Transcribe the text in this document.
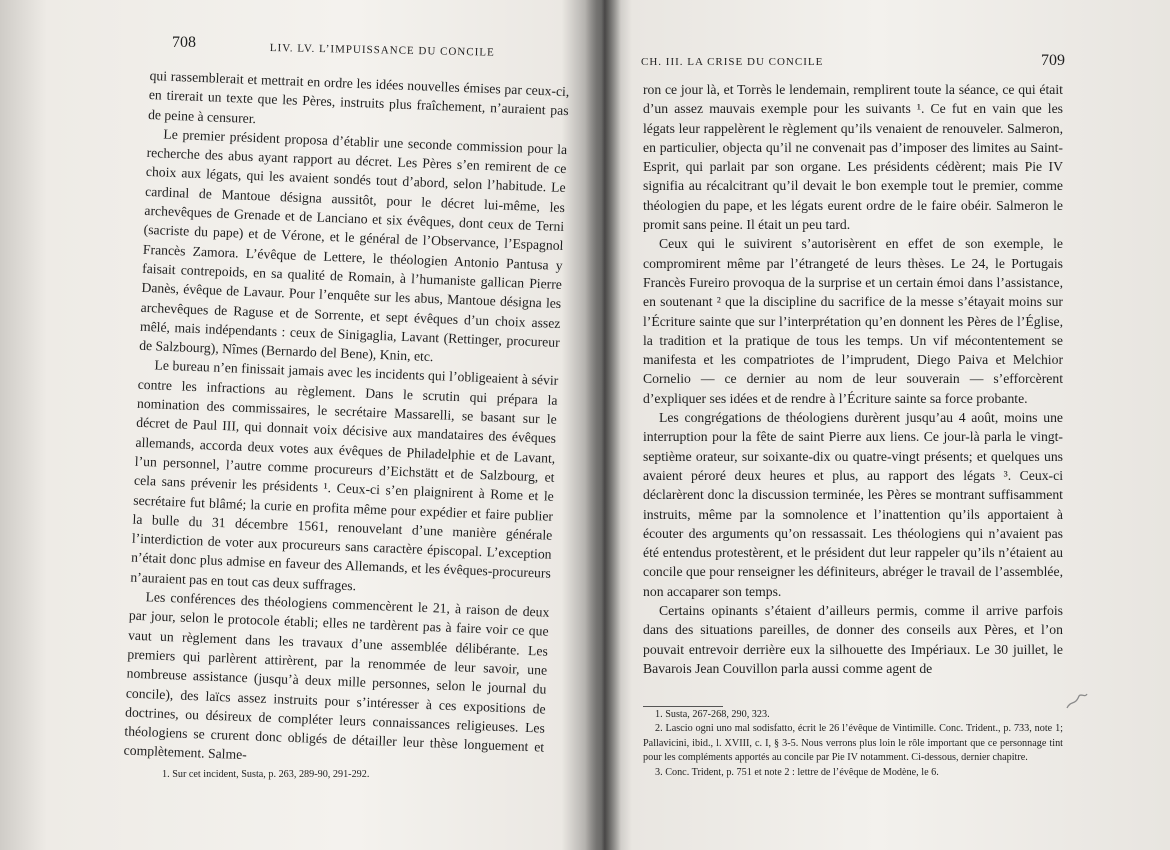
708	LIV. LV. L’IMPUISSANCE DU CONCILE

qui rassemblerait et mettrait en ordre les idées nouvelles émises par ceux-ci, en tirerait un texte que les Pères, instruits plus fraîchement, n’auraient pas de peine à censurer.

Le premier président proposa d’établir une seconde commission pour la recherche des abus ayant rapport au décret. Les Pères s’en remirent de ce choix aux légats, qui les avaient sondés tout d’abord, selon l’habitude. Le cardinal de Mantoue désigna aussitôt, pour le décret lui-même, les archevêques de Grenade et de Lanciano et six évêques, dont ceux de Terni (sacriste du pape) et de Vérone, et le général de l’Observance, l’Espagnol Francès Zamora. L’évêque de Lettere, le théologien Antonio Pantusa y faisait contrepoids, en sa qualité de Romain, à l’humaniste gallican Pierre Danès, évêque de Lavaur. Pour l’enquête sur les abus, Mantoue désigna les archevêques de Raguse et de Sorrente, et sept évêques d’un choix assez mêlé, mais indépendants : ceux de Sinigaglia, Lavant (Rettinger, procureur de Salzbourg), Nîmes (Bernardo del Bene), Knin, etc.

Le bureau n’en finissait jamais avec les incidents qui l’obligeaient à sévir contre les infractions au règlement. Dans le scrutin qui prépara la nomination des commissaires, le secrétaire Massarelli, se basant sur le décret de Paul III, qui donnait voix décisive aux mandataires des évêques allemands, accorda deux votes aux évêques de Philadelphie et de Lavant, l’un personnel, l’autre comme procureurs d’Eichstätt et de Salzbourg, et cela sans prévenir les présidents ¹. Ceux-ci s’en plaignirent à Rome et le secrétaire fut blâmé; la curie en profita même pour expédier et faire publier la bulle du 31 décembre 1561, renouvelant d’une manière générale l’interdiction de voter aux procureurs sans caractère épiscopal. L’exception n’était donc plus admise en faveur des Allemands, et les évêques-procureurs n’auraient pas en tout cas deux suffrages.

Les conférences des théologiens commencèrent le 21, à raison de deux par jour, selon le protocole établi; elles ne tardèrent pas à faire voir ce que vaut un règlement dans les travaux d’une assemblée délibérante. Les premiers qui parlèrent attirèrent, par la renommée de leur savoir, une nombreuse assistance (jusqu’à deux mille personnes, selon le journal du concile), des laïcs assez instruits pour s’intéresser à ces expositions de doctrines, ou désireux de compléter leurs connaissances religieuses. Les théologiens se crurent donc obligés de détailler leur thèse longuement et complètement. Salme-

1. Sur cet incident, Susta, p. 263, 289-90, 291-292.

CH. III. LA CRISE DU CONCILE	709

ron ce jour là, et Torrès le lendemain, remplirent toute la séance, ce qui était d’un assez mauvais exemple pour les suivants ¹. Ce fut en vain que les légats leur rappelèrent le règlement qu’ils venaient de renouveler. Salmeron, en particulier, objecta qu’il ne convenait pas d’imposer des limites au Saint-Esprit, qui parlait par son organe. Les présidents cédèrent; mais Pie IV signifia au récalcitrant qu’il devait le bon exemple tout le premier, comme théologien du pape, et les légats eurent ordre de le faire obéir. Salmeron le promit sans peine. Il était un peu tard.

Ceux qui le suivirent s’autorisèrent en effet de son exemple, le compromirent même par l’étrangeté de leurs thèses. Le 24, le Portugais Francès Fureiro provoqua de la surprise et un certain émoi dans l’assistance, en soutenant ² que la discipline du sacrifice de la messe s’étayait moins sur l’Écriture sainte que sur l’interprétation qu’en donnent les Pères de l’Église, la tradition et la pratique de tous les temps. Un vif mécontentement se manifesta et les compatriotes de l’imprudent, Diego Paiva et Melchior Cornelio — ce dernier au nom de leur souverain — s’efforcèrent d’expliquer ses idées et de rendre à l’Écriture sainte sa force probante.

Les congrégations de théologiens durèrent jusqu’au 4 août, moins une interruption pour la fête de saint Pierre aux liens. Ce jour-là parla le vingt-septième orateur, sur soixante-dix ou quatre-vingt présents; et quelques uns avaient péroré deux heures et plus, au rapport des légats ³. Ceux-ci déclarèrent donc la discussion terminée, les Pères se montrant suffisamment instruits, même par la somnolence et l’inattention qu’ils apportaient à écouter des arguments qu’on ressassait. Les théologiens qui n’avaient pas été entendus protestèrent, et le président dut leur rappeler qu’ils n’étaient au concile que pour renseigner les définiteurs, abréger le travail de l’assemblée, non accaparer son temps.

Certains opinants s’étaient d’ailleurs permis, comme il arrive parfois dans des situations pareilles, de donner des conseils aux Pères, et l’on pouvait entrevoir derrière eux la silhouette des Impériaux. Le 30 juillet, le Bavarois Jean Couvillon parla aussi comme agent de

1. Susta, 267-268, 290, 323.

2. Lascio ogni uno mal sodisfatto, écrit le 26 l’évêque de Vintimille. Conc. Trident., p. 733, note 1; Pallavicini, ibid., l. XVIII, c. I, § 3-5. Nous verrons plus loin le rôle important que ce personnage tint pour les compléments apportés au concile par Pie IV notamment. Ci-dessous, dernier chapitre.

3. Conc. Trident, p. 751 et note 2 : lettre de l’évêque de Modène, le 6.
